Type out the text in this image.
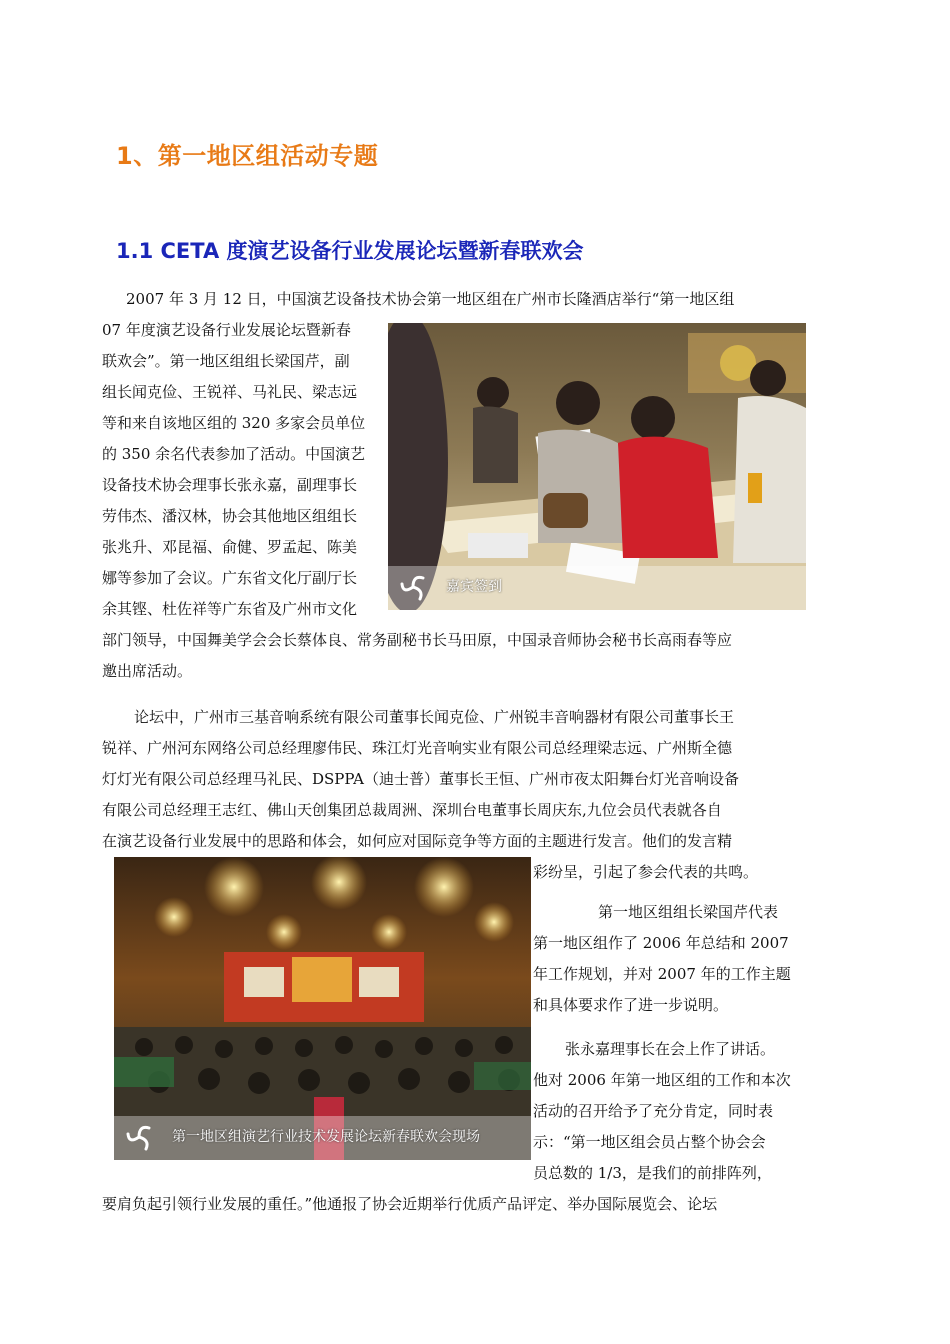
1、第一地区组活动专题
1.1 CETA 度演艺设备行业发展论坛暨新春联欢会
2007 年 3 月 12 日，中国演艺设备技术协会第一地区组在广州市长隆酒店举行“第一地区组
07 年度演艺设备行业发展论坛暨新春
联欢会”。第一地区组组长梁国芹，副
组长闻克俭、王锐祥、马礼民、梁志远
等和来自该地区组的 320 多家会员单位
的 350 余名代表参加了活动。中国演艺
设备技术协会理事长张永嘉，副理事长
劳伟杰、潘汉林，协会其他地区组组长
张兆升、邓昆福、俞健、罗孟起、陈美
娜等参加了会议。广东省文化厅副厅长
余其铿、杜佐祥等广东省及广州市文化
部门领导，中国舞美学会会长蔡体良、常务副秘书长马田原，中国录音师协会秘书长高雨春等应
邀出席活动。
嘉宾签到
论坛中，广州市三基音响系统有限公司董事长闻克俭、广州锐丰音响器材有限公司董事长王
锐祥、广州河东网络公司总经理廖伟民、珠江灯光音响实业有限公司总经理梁志远、广州斯全德
灯灯光有限公司总经理马礼民、DSPPA（迪士普）董事长王恒、广州市夜太阳舞台灯光音响设备
有限公司总经理王志红、佛山天创集团总裁周洲、深圳台电董事长周庆东,九位会员代表就各自
在演艺设备行业发展中的思路和体会，如何应对国际竞争等方面的主题进行发言。他们的发言精
彩纷呈，引起了参会代表的共鸣。
第一地区组演艺行业技术发展论坛新春联欢会现场
第一地区组组长梁国芹代表
第一地区组作了 2006 年总结和 2007
年工作规划，并对 2007 年的工作主题
和具体要求作了进一步说明。
张永嘉理事长在会上作了讲话。
他对 2006 年第一地区组的工作和本次
活动的召开给予了充分肯定，同时表
示：“第一地区组会员占整个协会会
员总数的 1/3，是我们的前排阵列，
要肩负起引领行业发展的重任。”他通报了协会近期举行优质产品评定、举办国际展览会、论坛
